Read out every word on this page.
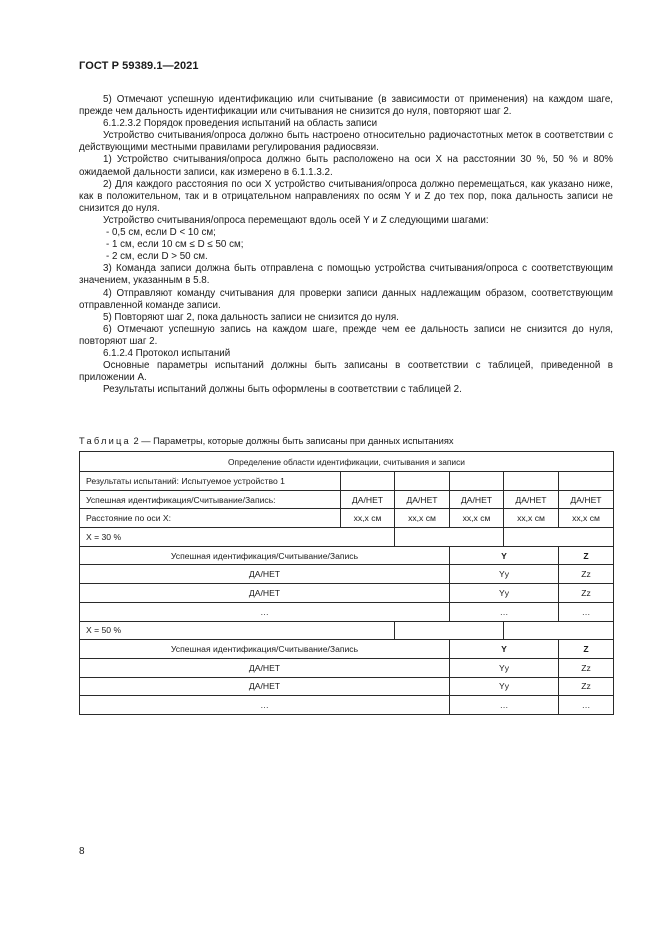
ГОСТ Р 59389.1—2021

5) Отмечают успешную идентификацию или считывание (в зависимости от применения) на каждом шаге, прежде чем дальность идентификации или считывания не снизится до нуля, повторяют шаг 2.

6.1.2.3.2 Порядок проведения испытаний на область записи

Устройство считывания/опроса должно быть настроено относительно радиочастотных меток в соответствии с действующими местными правилами регулирования радиосвязи.

1) Устройство считывания/опроса должно быть расположено на оси X на расстоянии 30 %, 50 % и 80% ожидаемой дальности записи, как измерено в 6.1.1.3.2.

2) Для каждого расстояния по оси X устройство считывания/опроса должно перемещаться, как указано ниже, как в положительном, так и в отрицательном направлениях по осям Y и Z до тех пор, пока дальность записи не снизится до нуля.

Устройство считывания/опроса перемещают вдоль осей Y и Z следующими шагами:

- 0,5 см, если D < 10 см;

- 1 см, если 10 см ≤ D ≤ 50 см;

- 2 см, если D > 50 см.

3) Команда записи должна быть отправлена с помощью устройства считывания/опроса с соответствующим значением, указанным в 5.8.

4) Отправляют команду считывания для проверки записи данных надлежащим образом, соответствующим отправленной команде записи.

5) Повторяют шаг 2, пока дальность записи не снизится до нуля.

6) Отмечают успешную запись на каждом шаге, прежде чем ее дальность записи не снизится до нуля, повторяют шаг 2.

6.1.2.4 Протокол испытаний

Основные параметры испытаний должны быть записаны в соответствии с таблицей, приведенной в приложении А.

Результаты испытаний должны быть оформлены в соответствии с таблицей 2.

Таблица 2 — Параметры, которые должны быть записаны при данных испытаниях
Определение области идентификации, считывания и записи					
Результаты испытаний: Испытуемое устройство 1					
Успешная идентификация/Считывание/Запись:	ДА/НЕТ	ДА/НЕТ	ДА/НЕТ	ДА/НЕТ	ДА/НЕТ
Расстояние по оси X:	xx,x см	xx,x см	xx,x см	xx,x см	xx,x см
X = 30 %					
Успешная идентификация/Считывание/Запись			Y		Z
ДА/НЕТ			Yy		Zz
ДА/НЕТ			Yy		Zz
…			…		…
X = 50 %					
Успешная идентификация/Считывание/Запись			Y		Z
ДА/НЕТ			Yy		Zz
ДА/НЕТ			Yy		Zz
…			…		…
8
